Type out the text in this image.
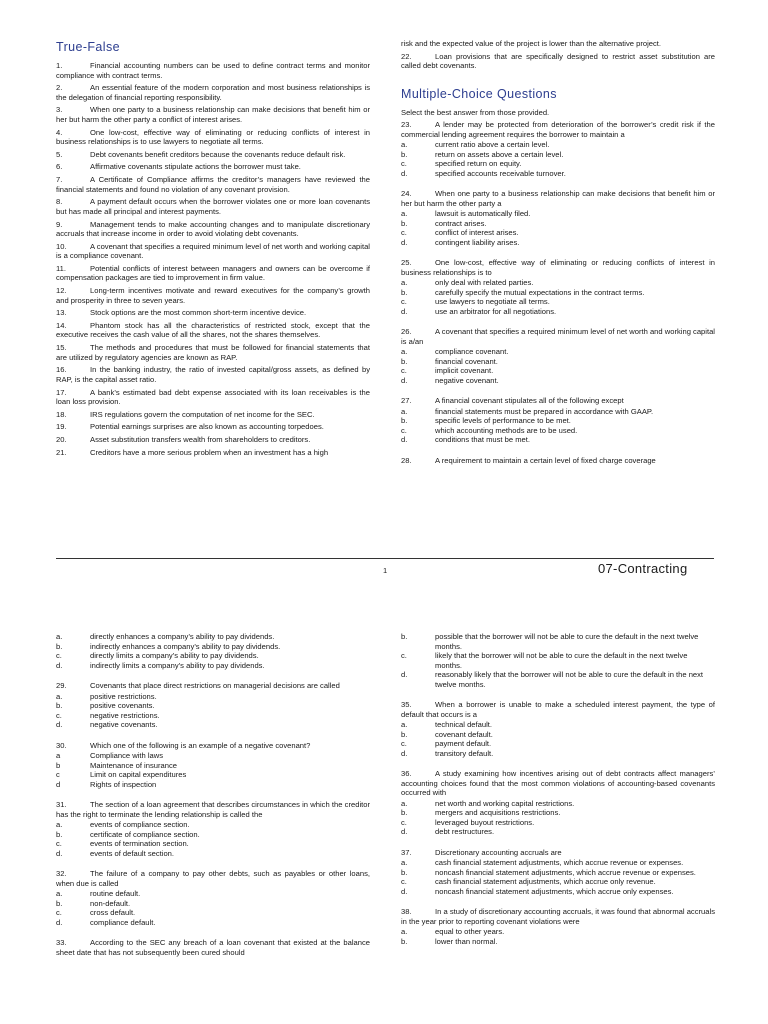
True-False

1.	Financial accounting numbers can be used to define contract terms and monitor compliance with contract terms.

2.	An essential feature of the modern corporation and most business relationships is the delegation of financial reporting responsibility.

3.	When one party to a business relationship can make decisions that benefit him or her but harm the other party a conflict of interest arises.

4.	One low-cost, effective way of eliminating or reducing conflicts of interest in business relationships is to use lawyers to negotiate all terms.

5.	Debt covenants benefit creditors because the covenants reduce default risk.

6.	Affirmative covenants stipulate actions the borrower must take.

7.	A Certificate of Compliance affirms the creditor’s managers have reviewed the financial statements and found no violation of any covenant provision.

8.	A payment default occurs when the borrower violates one or more loan covenants but has made all principal and interest payments.

9.	Management tends to make accounting changes and to manipulate discretionary accruals that increase income in order to avoid violating debt covenants.

10.	A covenant that specifies a required minimum level of net worth and working capital is a compliance covenant.

11.	Potential conflicts of interest between managers and owners can be overcome if compensation packages are tied to improvement in firm value.

12.	Long-term incentives motivate and reward executives for the company’s growth and prosperity in three to seven years.

13.	Stock options are the most common short-term incentive device.

14.	Phantom stock has all the characteristics of restricted stock, except that the executive receives the cash value of all the shares, not the shares themselves.

15.	The methods and procedures that must be followed for financial statements that are utilized by regulatory agencies are known as RAP.

16.	In the banking industry, the ratio of invested capital/gross assets, as defined by RAP, is the capital asset ratio.

17.	A bank’s estimated bad debt expense associated with its loan receivables is the loan loss provision.

18.	IRS regulations govern the computation of net income for the SEC.

19.	Potential earnings surprises are also known as accounting torpedoes.

20.	Asset substitution transfers wealth from shareholders to creditors.

21.	Creditors have a more serious problem when an investment has a high

risk and the expected value of the project is lower than the alternative project.

22.	Loan provisions that are specifically designed to restrict asset substitution are called debt covenants.

Multiple-Choice Questions

Select the best answer from those provided.

23.	A lender may be protected from deterioration of the borrower’s credit risk if the commercial lending agreement requires the borrower to maintain a

a.	current ratio above a certain level.
b.	return on assets above a certain level.
c.	specified return on equity.
d.	specified accounts receivable turnover.

24.	When one party to a business relationship can make decisions that benefit him or her but harm the other party a

a.	lawsuit is automatically filed.
b.	contract arises.
c.	conflict of interest arises.
d.	contingent liability arises.

25.	One low-cost, effective way of eliminating or reducing conflicts of interest in business relationships is to

a.	only deal with related parties.
b.	carefully specify the mutual expectations in the contract terms.
c.	use lawyers to negotiate all terms.
d.	use an arbitrator for all negotiations.

26.	A covenant that specifies a required minimum level of net worth and working capital is a/an

a.	compliance covenant.
b.	financial covenant.
c.	implicit covenant.
d.	negative covenant.

27.	A financial covenant stipulates all of the following except

a.	financial statements must be prepared in accordance with GAAP.
b.	specific levels of performance to be met.
c.	which accounting methods are to be used.
d.	conditions that must be met.

28.	A requirement to maintain a certain level of fixed charge coverage

1	07-Contracting
a.	directly enhances a company’s ability to pay dividends.
b.	indirectly enhances a company’s ability to pay dividends.
c.	directly limits a company’s ability to pay dividends.
d.	indirectly limits a company’s ability to pay dividends.

29.	Covenants that place direct restrictions on managerial decisions are called

a.	positive restrictions.
b.	positive covenants.
c.	negative restrictions.
d.	negative covenants.

30.	Which one of the following is an example of a negative covenant?

a	Compliance with laws
b	Maintenance of insurance
c	Limit on capital expenditures
d	Rights of inspection

31.	The section of a loan agreement that describes circumstances in which the creditor has the right to terminate the lending relationship is called the

a.	events of compliance section.
b.	certificate of compliance section.
c.	events of termination section.
d.	events of default section.

32.	The failure of a company to pay other debts, such as payables or other loans, when due is called

a.	routine default.
b.	non-default.
c.	cross default.
d.	compliance default.

33.	According to the SEC any breach of a loan covenant that existed at the balance sheet date that has not subsequently been cured should

b.	possible that the borrower will not be able to cure the default in the next twelve months.
c.	likely that the borrower will not be able to cure the default in the next twelve months.
d.	reasonably likely that the borrower will not be able to cure the default in the next twelve months.

35.	When a borrower is unable to make a scheduled interest payment, the type of default that occurs is a

a.	technical default.
b.	covenant default.
c.	payment default.
d.	transitory default.

36.	A study examining how incentives arising out of debt contracts affect managers’ accounting choices found that the most common violations of accounting-based covenants occurred with

a.	net worth and working capital restrictions.
b.	mergers and acquisitions restrictions.
c.	leveraged buyout restrictions.
d.	debt restructures.

37.	Discretionary accounting accruals are

a.	cash financial statement adjustments, which accrue revenue or expenses.
b.	noncash financial statement adjustments, which accrue revenue or expenses.
c.	cash financial statement adjustments, which accrue only revenue.
d.	noncash financial statement adjustments, which accrue only expenses.

38.	In a study of discretionary accounting accruals, it was found that abnormal accruals in the year prior to reporting covenant violations were

a.	equal to other years.
b.	lower than normal.
